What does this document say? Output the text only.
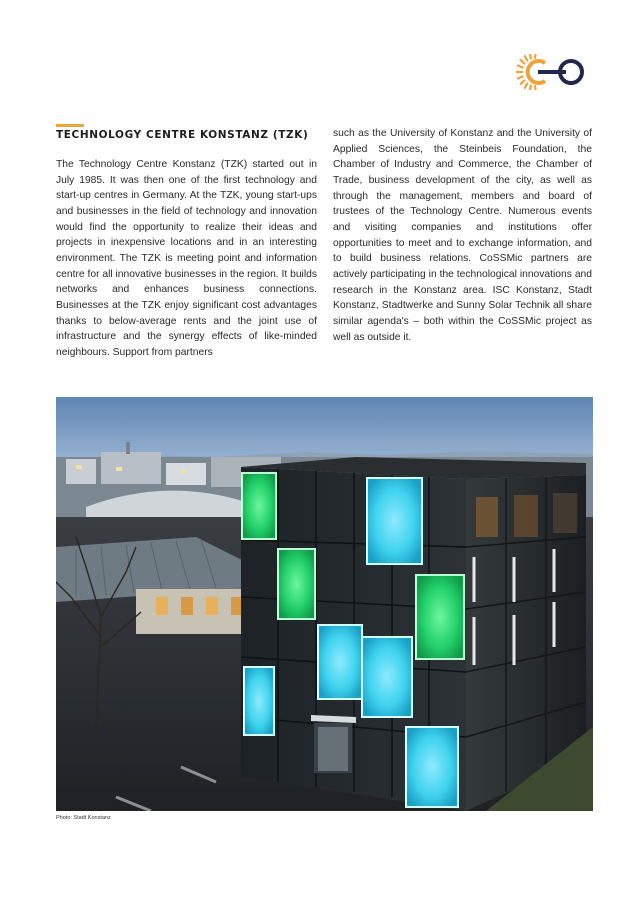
TECHNOLOGY CENTRE KONSTANZ (TZK)

The Technology Centre Konstanz (TZK) started out in July 1985. It was then one of the first technology and start-up centres in Germany. At the TZK, young start-ups and businesses in the field of technology and innovation would find the opportunity to realize their ideas and projects in inexpensive locations and in an interesting environment. The TZK is meeting point and information centre for all innovative businesses in the region. It builds networks and enhances business connections. Businesses at the TZK enjoy significant cost advantages thanks to below-average rents and the joint use of infrastructure and the synergy effects of like-minded neighbours. Support from partners

such as the University of Konstanz and the University of Applied Sciences, the Steinbeis Foundation, the Chamber of Industry and Commerce, the Chamber of Trade, business development of the city, as well as through the management, members and board of trustees of the Technology Centre. Numerous events and visiting companies and institutions offer opportunities to meet and to exchange information, and to build business relations. CoSSMic partners are actively participating in the technological innovations and research in the Konstanz area. ISC Konstanz, Stadt Konstanz, Stadtwerke and Sunny Solar Technik all share similar agenda's – both within the CoSSMic project as well as outside it.

Photo: Stadt Konstanz
